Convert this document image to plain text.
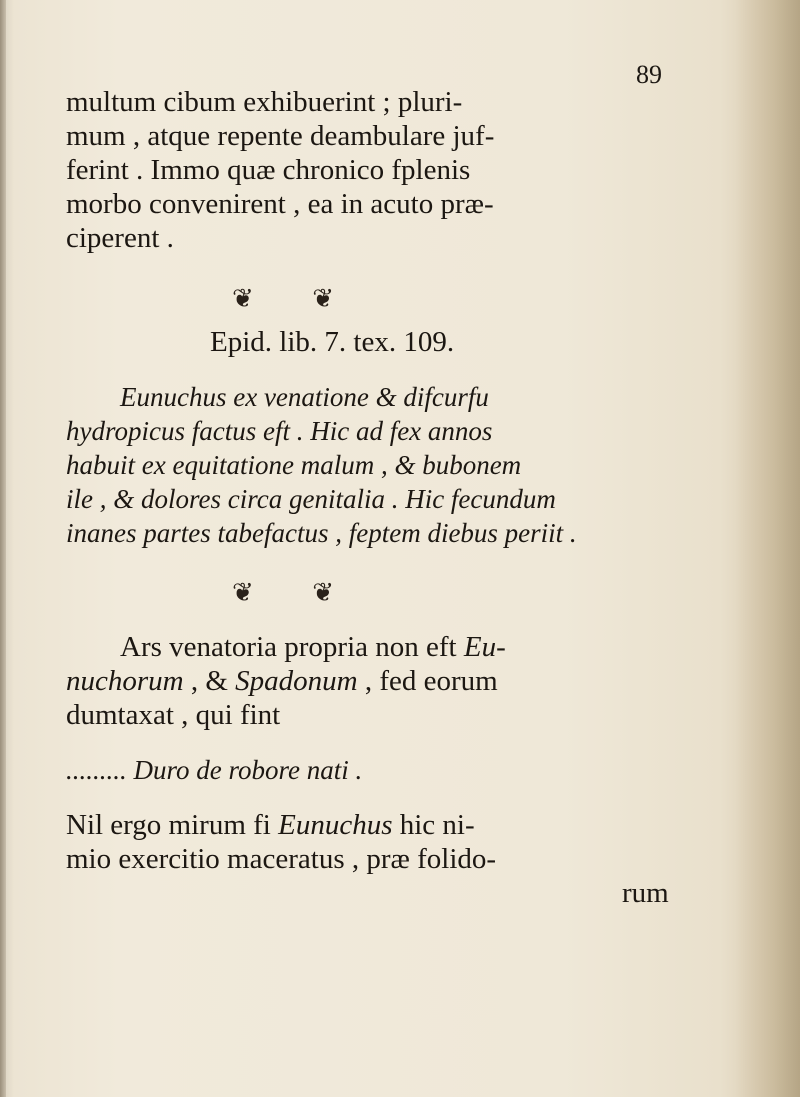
89
multum cibum exhibuerint ; pluri-
mum , atque repente deambulare juf-
ferint . Immo quæ chronico fplenis
morbo convenirent , ea in acuto præ-
ciperent .
❦ ❦
Epid. lib. 7. tex. 109.
Eunuchus ex venatione & difcurfu
hydropicus factus eft . Hic ad fex annos
habuit ex equitatione malum , & bubonem
ile , & dolores circa genitalia . Hic fecundum
inanes partes tabefactus , feptem diebus periit .
❦ ❦
Ars venatoria propria non eft Eu-
nuchorum , & Spadonum , fed eorum
dumtaxat , qui fint
......... Duro de robore nati .
Nil ergo mirum fi Eunuchus hic ni-
mio exercitio maceratus , præ folido-
rum
